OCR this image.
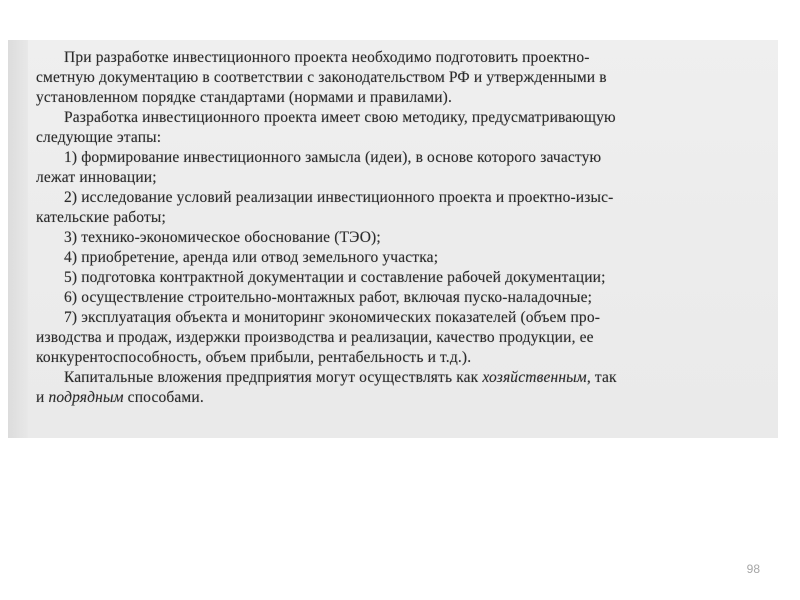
При разработке инвестиционного проекта необходимо подготовить проектно-
сметную документацию в соответствии с законодательством РФ и утвержденными в
установленном порядке стандартами (нормами и правилами).
Разработка инвестиционного проекта имеет свою методику, предусматривающую
следующие этапы:
1) формирование инвестиционного замысла (идеи), в основе которого зачастую
лежат инновации;
2) исследование условий реализации инвестиционного проекта и проектно-изыс-
кательские работы;
3) технико-экономическое обоснование (ТЭО);
4) приобретение, аренда или отвод земельного участка;
5) подготовка контрактной документации и составление рабочей документации;
6) осуществление строительно-монтажных работ, включая пуско-наладочные;
7) эксплуатация объекта и мониторинг экономических показателей (объем про-
изводства и продаж, издержки производства и реализации, качество продукции, ее
конкурентоспособность, объем прибыли, рентабельность и т.д.).
Капитальные вложения предприятия могут осуществлять как хозяйственным, так
и подрядным способами.
98
